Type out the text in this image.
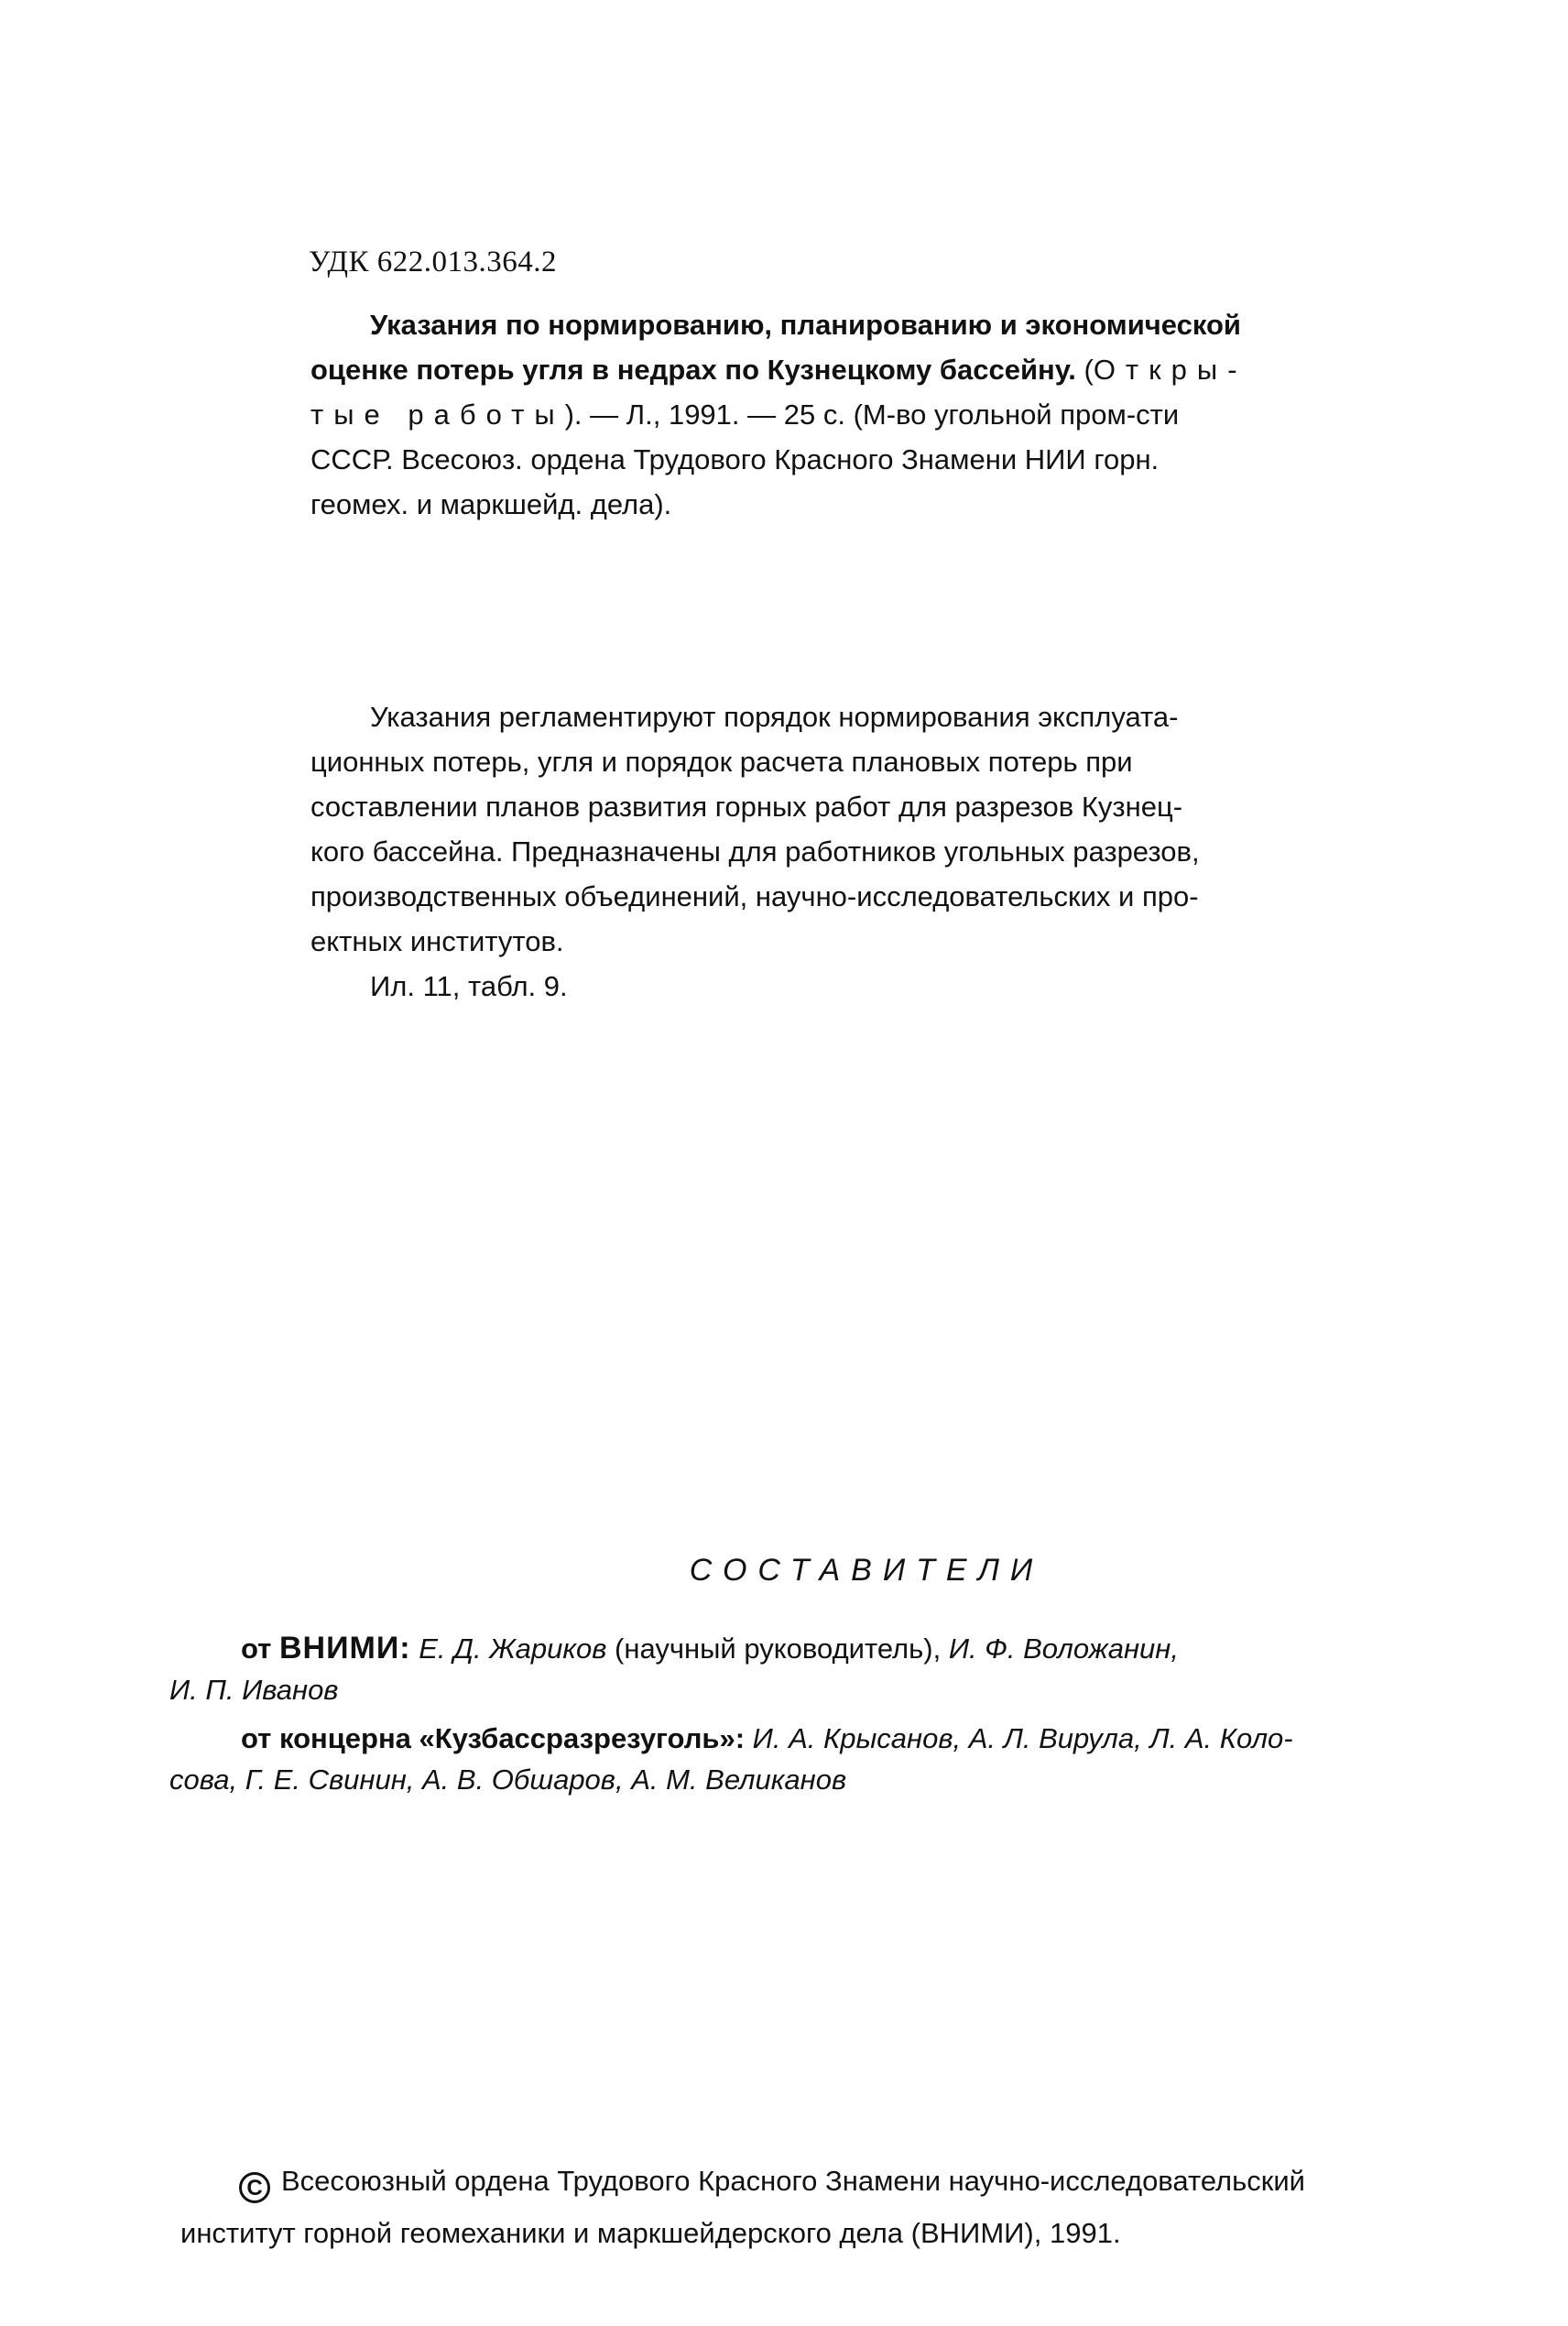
УДК 622.013.364.2
Указания по нормированию, планированию и экономической
оценке потерь угля в недрах по Кузнецкому бассейну. (Откры-
тые работы). — Л., 1991. — 25 с. (М-во угольной пром-сти
СССР. Всесоюз. ордена Трудового Красного Знамени НИИ горн.
геомех. и маркшейд. дела).
Указания регламентируют порядок нормирования эксплуата-
ционных потерь, угля и порядок расчета плановых потерь при
составлении планов развития горных работ для разрезов Кузнец-
кого бассейна. Предназначены для работников угольных разрезов,
производственных объединений, научно-исследовательских и про-
ектных институтов.
Ил. 11, табл. 9.
СОСТАВИТЕЛИ
от ВНИМИ: Е. Д. Жариков (научный руководитель), И. Ф. Воложанин,
И. П. Иванов
от концерна «Кузбассразрезуголь»: И. А. Крысанов, А. Л. Вирула, Л. А. Коло-
сова, Г. Е. Свинин, А. В. Обшаров, А. М. Великанов
C Всесоюзный ордена Трудового Красного Знамени научно-исследовательский
институт горной геомеханики и маркшейдерского дела (ВНИМИ), 1991.
